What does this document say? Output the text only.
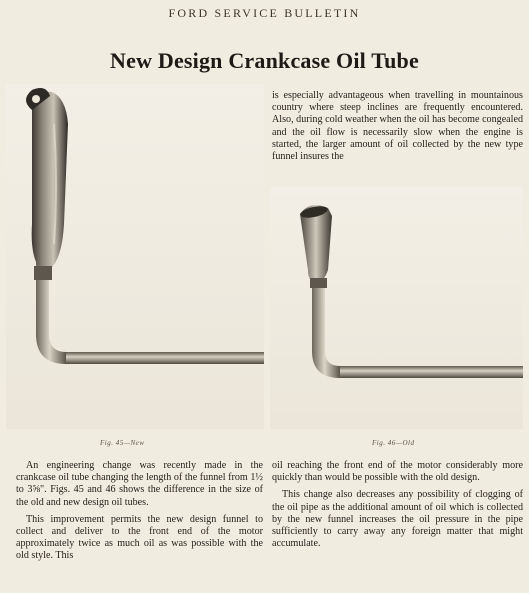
FORD SERVICE BULLETIN
New Design Crankcase Oil Tube
Fig. 45—New	Fig. 46—Old

is especially advantageous when travelling in mountainous country where steep inclines are frequently encountered. Also, during cold weather when the oil has become congealed and the oil flow is necessarily slow when the engine is started, the larger amount of oil collected by the new type funnel insures the

An engineering change was recently made in the crankcase oil tube changing the length of the funnel from 1½ to 3⅝". Figs. 45 and 46 shows the difference in the size of the old and new design oil tubes.

This improvement permits the new design funnel to collect and deliver to the front end of the motor approximately twice as much oil as was possible with the old style. This

oil reaching the front end of the motor considerably more quickly than would be possible with the old design.

This change also decreases any possibility of clogging of the oil pipe as the additional amount of oil which is collected by the new funnel increases the oil pressure in the pipe sufficiently to carry away any foreign matter that might accumulate.
